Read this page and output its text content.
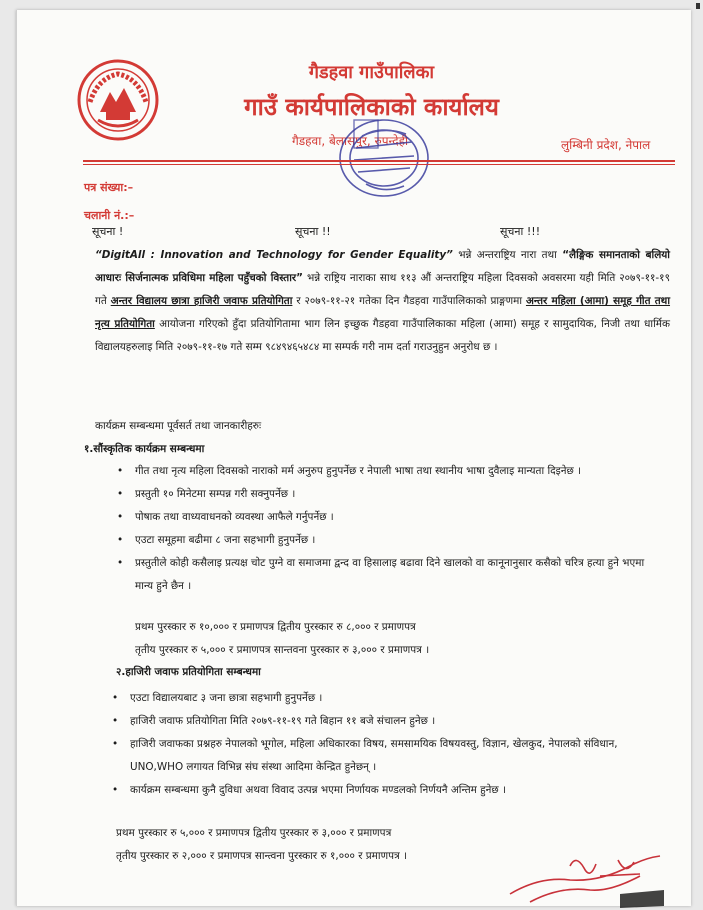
गैडहवा गाउँपालिका
गाउँ कार्यपालिकाको कार्यालय
गैडहवा, बेलासपुर, रुपन्देही	लुम्बिनी प्रदेश, नेपाल
पत्र संख्या:–
चलानी नं.:–
सूचना !	सूचना !!	सूचना !!!
“DigitAll : Innovation and Technology for Gender Equality” भन्ने अन्तराष्ट्रिय नारा तथा “लैङ्गिक समानताको बलियो आधारः सिर्जनात्मक प्रविधिमा महिला पहुँचको विस्तार” भन्ने राष्ट्रिय नाराका साथ ११३ औं अन्तराष्ट्रिय महिला दिवसको अवसरमा यही मिति २०७९-११-१९ गते अन्तर विद्यालय छात्रा हाजिरी जवाफ प्रतियोगिता र २०७९-११-२१ गतेका दिन गैडहवा गाउँपालिकाको प्राङ्गणमा अन्तर महिला (आमा) समूह गीत तथा नृत्य प्रतियोगिता आयोजना गरिएको हुँदा प्रतियोगितामा भाग लिन इच्छुक गैडहवा गाउँपालिकाका महिला (आमा) समूह र सामुदायिक, निजी तथा धार्मिक विद्यालयहरुलाइ मिति २०७९-११-१७ गते सम्म ९८४९४६५४८४ मा सम्पर्क गरी नाम दर्ता गराउनुहुन अनुरोध छ ।
कार्यक्रम सम्बन्धमा पूर्वसर्त तथा जानकारीहरुः
१.सौंस्कृतिक कार्यक्रम सम्बन्धमा
• गीत तथा नृत्य महिला दिवसको नाराको मर्म अनुरुप हुनुपर्नेछ र नेपाली भाषा तथा स्थानीय भाषा दुवैलाइ मान्यता दिइनेछ ।
• प्रस्तुती १० मिनेटमा सम्पन्न गरी सक्नुपर्नेछ ।
• पोषाक तथा वाध्यवाधनको व्यवस्था आफैले गर्नुपर्नेछ ।
• एउटा समूहमा बढीमा ८ जना सहभागी हुनुपर्नेछ ।
• प्रस्तुतीले कोही कसैलाइ प्रत्यक्ष चोट पुग्ने वा समाजमा द्वन्द वा हिसालाइ बढावा दिने खालको वा कानूनानुसार कसैको चरित्र हत्या हुने भएमा मान्य हुने छैन ।
प्रथम पुरस्कार रु १०,००० र प्रमाणपत्र द्वितीय पुरस्कार रु ८,००० र प्रमाणपत्र
तृतीय पुरस्कार रु ५,००० र प्रमाणपत्र सान्तवना पुरस्कार रु ३,००० र प्रमाणपत्र ।
२.हाजिरी जवाफ प्रतियोगिता सम्बन्धमा
• एउटा विद्यालयबाट ३ जना छात्रा सहभागी हुनुपर्नेछ ।
• हाजिरी जवाफ प्रतियोगिता मिति २०७९-११-१९ गते बिहान ११ बजे संचालन हुनेछ ।
• हाजिरी जवाफका प्रश्नहरु नेपालको भूगोल, महिला अधिकारका विषय, समसामयिक विषयवस्तु, विज्ञान, खेलकुद, नेपालको संविधान, UNO,WHO लगायत विभिन्न संघ संस्था आदिमा केन्द्रित हुनेछन् ।
• कार्यक्रम सम्बन्धमा कुनै दुविधा अथवा विवाद उत्पन्न भएमा निर्णायक मण्डलको निर्णयनै अन्तिम हुनेछ ।
प्रथम पुरस्कार रु ५,००० र प्रमाणपत्र द्वितीय पुरस्कार रु ३,००० र प्रमाणपत्र
तृतीय पुरस्कार रु २,००० र प्रमाणपत्र सान्त्वना पुरस्कार रु १,००० र प्रमाणपत्र ।
